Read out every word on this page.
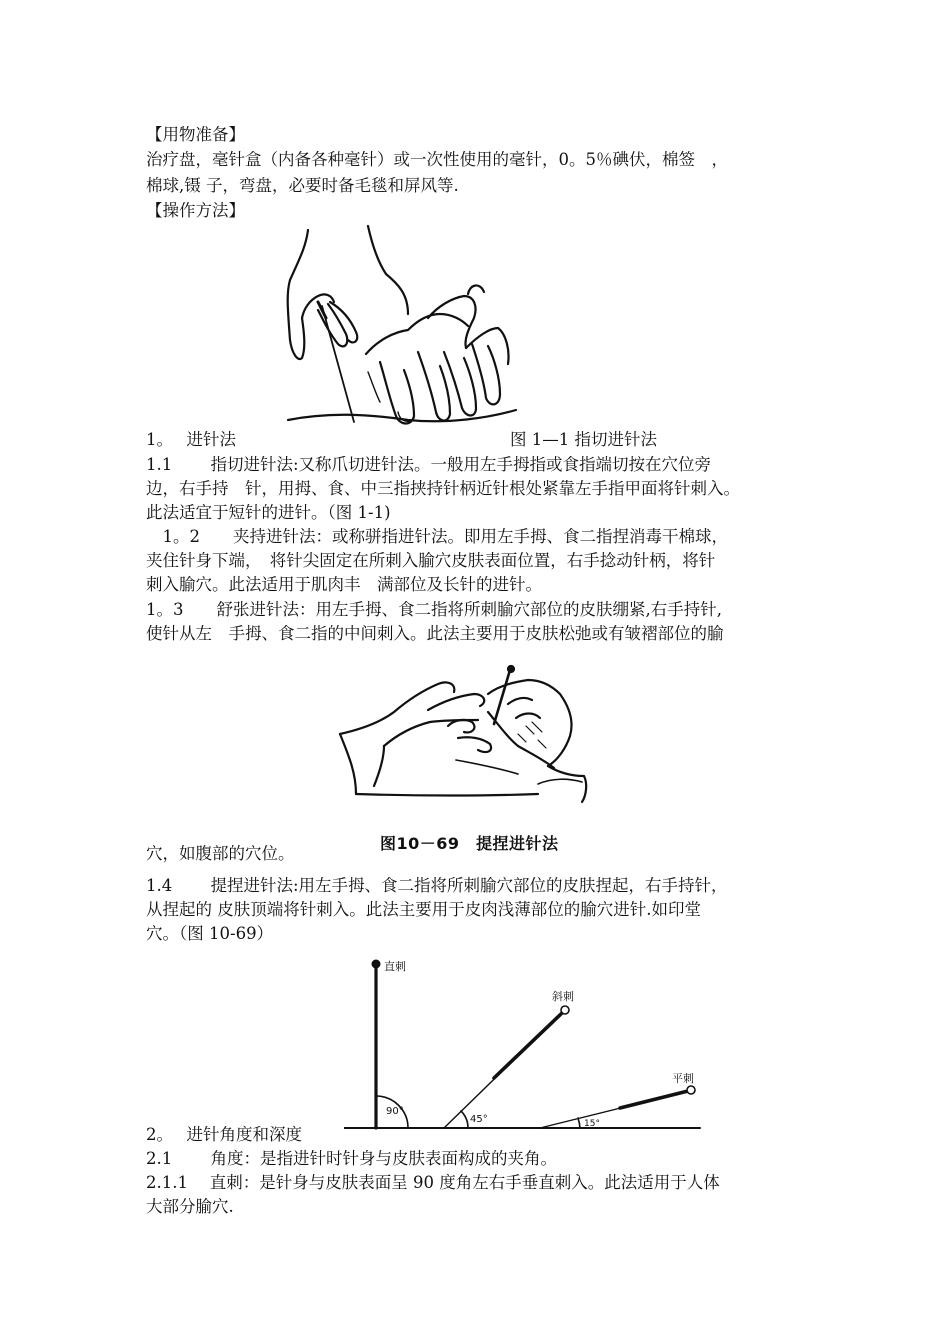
【用物准备】
治疗盘，毫针盒（内备各种毫针）或一次性使用的毫针，0。5％碘伏，棉签　，
棉球,镊 子，弯盘，必要时备毛毯和屏风等.
【操作方法】
1。　 进针法	图 1—1 指切进针法
1.1　　 指切进针法:又称爪切进针法。一般用左手拇指或食指端切按在穴位旁
边，右手持　针，用拇、食、中三指挟持针柄近针根处紧靠左手指甲面将针刺入。
此法适宜于短针的进针。（图 1-1)
　1。2　　夹持进针法：或称骈指进针法。即用左手拇、食二指捏消毒干棉球，
夹住针身下端，　将针尖固定在所刺入腧穴皮肤表面位置，右手捻动针柄，将针
刺入腧穴。此法适用于肌肉丰　满部位及长针的进针。
1。3　　舒张进针法：用左手拇、食二指将所刺腧穴部位的皮肤绷紧,右手持针,
使针从左　手拇、食二指的中间刺入。此法主要用于皮肤松弛或有皱褶部位的腧
穴，如腹部的穴位。
图10－69　提捏进针法
1.4　　 提捏进针法:用左手拇、食二指将所刺腧穴部位的皮肤捏起，右手持针，
从捏起的 皮肤顶端将针刺入。此法主要用于皮肉浅薄部位的腧穴进针.如印堂
穴。（图 10-69）
直刺
斜刺
平刺
90°
45°	15°
2。　 进针角度和深度
2.1　　 角度：是指进针时针身与皮肤表面构成的夹角。
2.1.1　 直刺：是针身与皮肤表面呈 90 度角左右手垂直刺入。此法适用于人体
大部分腧穴.
